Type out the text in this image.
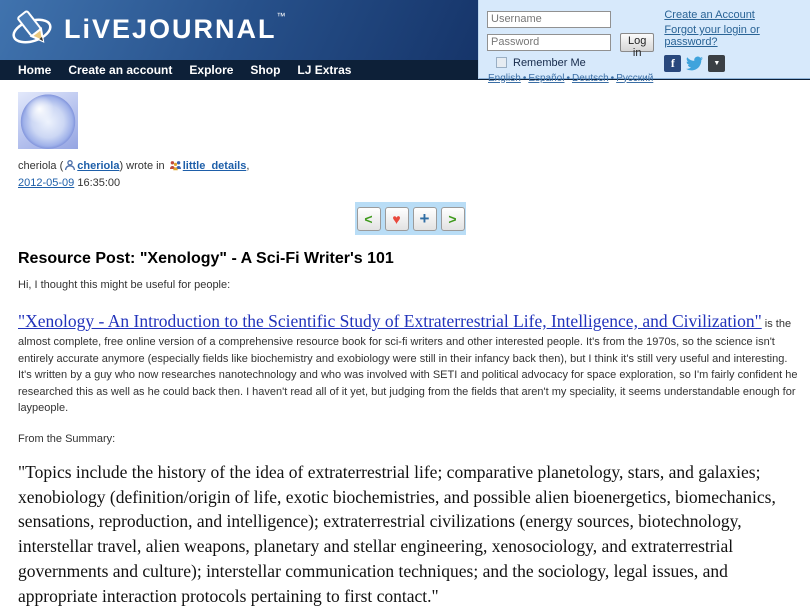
LiVEJOURNAL™
Home Create an account Explore Shop LJ Extras
Username
Password
Log in
Remember Me
English • Español • Deutsch • Русский
Create an Account
Forgot your login or password?
f	▼
cheriola ( cheriola) wrote in little_details,
2012-05-09 16:35:00
<	♥	+	>
Resource Post: "Xenology" - A Sci-Fi Writer's 101

Hi, I thought this might be useful for people:

"Xenology - An Introduction to the Scientific Study of Extraterrestrial Life, Intelligence, and Civilization" is the almost complete, free online version of a comprehensive resource book for sci-fi writers and other interested people. It's from the 1970s, so the science isn't entirely accurate anymore (especially fields like biochemistry and exobiology were still in their infancy back then), but I think it's still very useful and interesting. It's written by a guy who now researches nanotechnology and who was involved with SETI and political advocacy for space exploration, so I'm fairly confident he researched this as well as he could back then. I haven't read all of it yet, but judging from the fields that aren't my speciality, it seems understandable enough for laypeople.

From the Summary:

"Topics include the history of the idea of extraterrestrial life; comparative planetology, stars, and galaxies; xenobiology (definition/origin of life, exotic biochemistries, and possible alien bioenergetics, biomechanics, sensations, reproduction, and intelligence); extraterrestrial civilizations (energy sources, biotechnology, interstellar travel, alien weapons, planetary and stellar engineering, xenosociology, and extraterrestrial governments and culture); interstellar communication techniques; and the sociology, legal issues, and appropriate interaction protocols pertaining to first contact."
